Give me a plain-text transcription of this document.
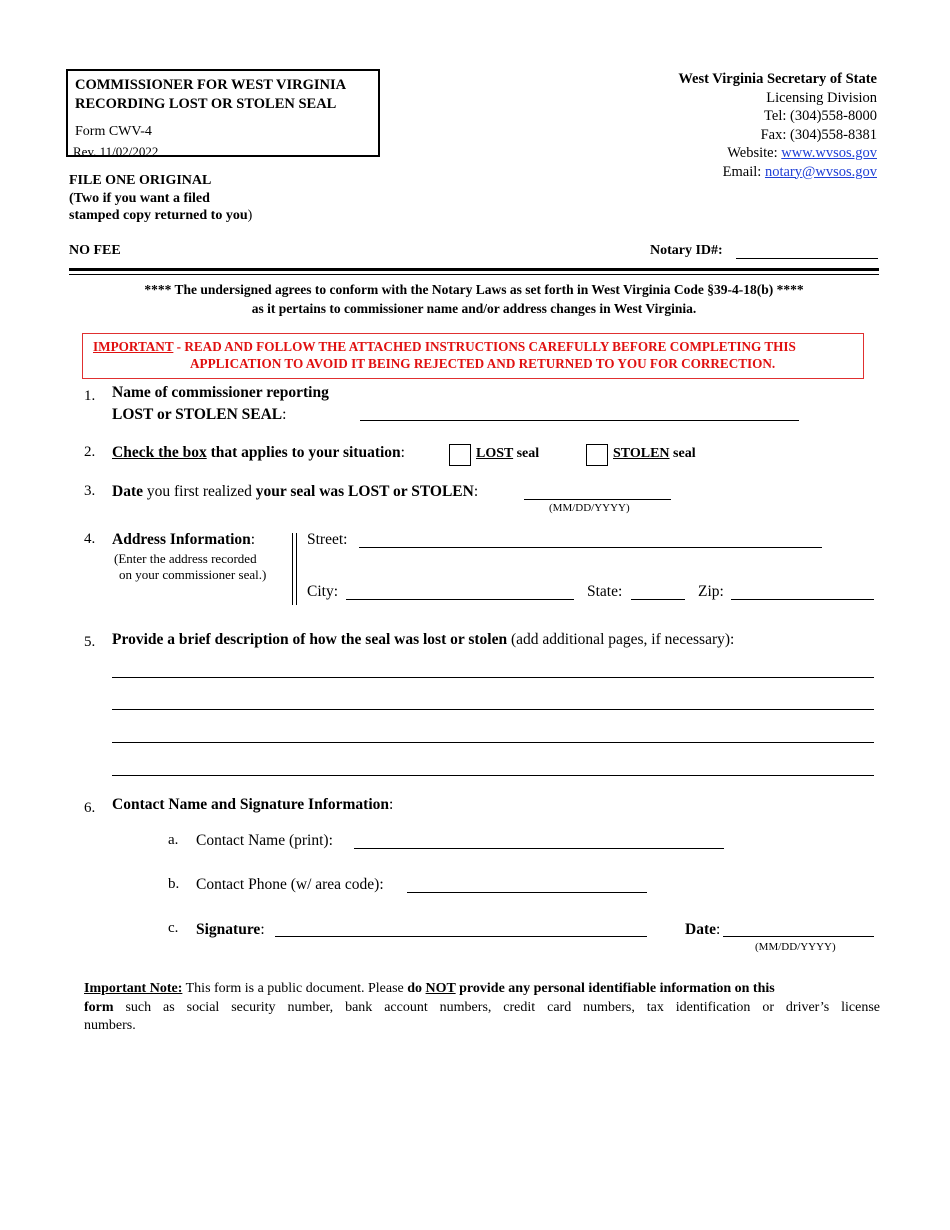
COMMISSIONER FOR WEST VIRGINIA
RECORDING LOST OR STOLEN SEAL
Form CWV-4
Rev. 11/02/2022
West Virginia Secretary of State
Licensing Division
Tel: (304)558-8000
Fax: (304)558-8381
Website: www.wvsos.gov
Email: notary@wvsos.gov
FILE ONE ORIGINAL
(Two if you want a filed
stamped copy returned to you)
NO FEE	Notary ID#:
**** The undersigned agrees to conform with the Notary Laws as set forth in West Virginia Code §39-4-18(b) ****
as it pertains to commissioner name and/or address changes in West Virginia.
IMPORTANT - READ AND FOLLOW THE ATTACHED INSTRUCTIONS CAREFULLY BEFORE COMPLETING THIS
APPLICATION TO AVOID IT BEING REJECTED AND RETURNED TO YOU FOR CORRECTION.
1. Name of commissioner reporting
LOST or STOLEN SEAL:
2. Check the box that applies to your situation:	LOST seal	STOLEN seal
3. Date you first realized your seal was LOST or STOLEN:
(MM/DD/YYYY)
4. Address Information:
(Enter the address recorded
on your commissioner seal.)
Street:
City:	State:	Zip:
5. Provide a brief description of how the seal was lost or stolen (add additional pages, if necessary):
6. Contact Name and Signature Information:
a. Contact Name (print):
b. Contact Phone (w/ area code):
c. Signature:	Date:
(MM/DD/YYYY)
Important Note: This form is a public document. Please do NOT provide any personal identifiable information on this
form such as social security number, bank account numbers, credit card numbers, tax identification or driver’s license
numbers.
